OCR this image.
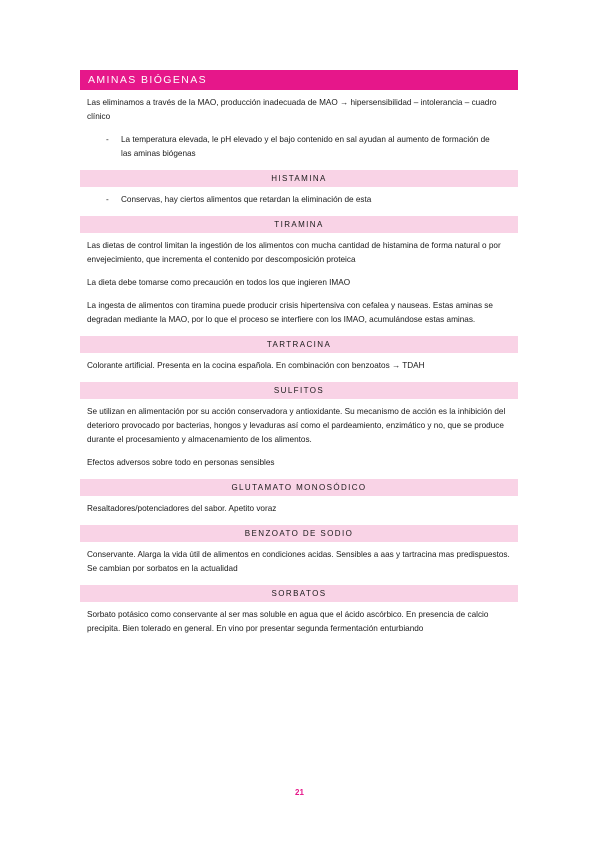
AMINAS BIÓGENAS

Las eliminamos a través de la MAO, producción inadecuada de MAO → hipersensibilidad – intolerancia – cuadro clínico

-	La temperatura elevada, le pH elevado y el bajo contenido en sal ayudan al aumento de formación de las aminas biógenas
HISTAMINA
-	Conservas, hay ciertos alimentos que retardan la eliminación de esta
TIRAMINA

Las dietas de control limitan la ingestión de los alimentos con mucha cantidad de histamina de forma natural o por envejecimiento, que incrementa el contenido por descomposición proteica

La dieta debe tomarse como precaución en todos los que ingieren IMAO

La ingesta de alimentos con tiramina puede producir crisis hipertensiva con cefalea y nauseas. Estas aminas se degradan mediante la MAO, por lo que el proceso se interfiere con los IMAO, acumulándose estas aminas.

TARTRACINA

Colorante artificial. Presenta en la cocina española. En combinación con benzoatos → TDAH

SULFITOS

Se utilizan en alimentación por su acción conservadora y antioxidante. Su mecanismo de acción es la inhibición del deterioro provocado por bacterias, hongos y levaduras así como el pardeamiento, enzimático y no, que se produce durante el procesamiento y almacenamiento de los alimentos.

Efectos adversos sobre todo en personas sensibles

GLUTAMATO MONOSÓDICO

Resaltadores/potenciadores del sabor. Apetito voraz

BENZOATO DE SODIO

Conservante. Alarga la vida útil de alimentos en condiciones acidas. Sensibles a aas y tartracina mas predispuestos. Se cambian por sorbatos en la actualidad

SORBATOS

Sorbato potásico como conservante al ser mas soluble en agua que el ácido ascórbico. En presencia de calcio precipita. Bien tolerado en general. En vino por presentar segunda fermentación enturbiando

21
